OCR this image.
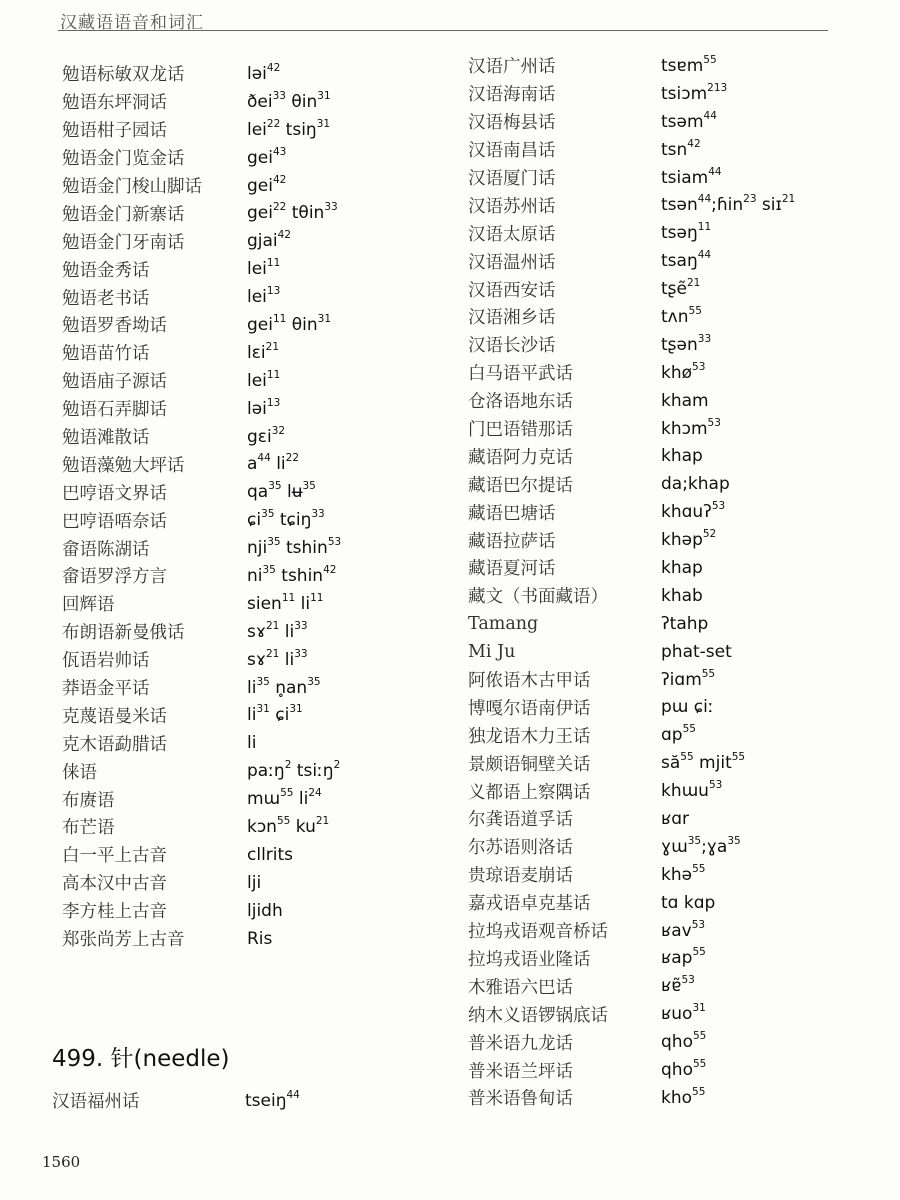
汉藏语语音和词汇
勉语标敏双龙话	ləi$^{42}$
勉语东坪洞话	ðei$^{33}$ θin$^{31}$
勉语柑子园话	lei$^{22}$ tsiŋ$^{31}$
勉语金门览金话	gei$^{43}$
勉语金门梭山脚话	gei$^{42}$
勉语金门新寨话	gei$^{22}$ tθin$^{33}$
勉语金门牙南话	gjai$^{42}$
勉语金秀话	lei$^{11}$
勉语老书话	lei$^{13}$
勉语罗香坳话	gei$^{11}$ θin$^{31}$
勉语苗竹话	lɛi$^{21}$
勉语庙子源话	lei$^{11}$
勉语石弄脚话	ləi$^{13}$
勉语滩散话	gɛi$^{32}$
勉语藻勉大坪话	$a^{44}$ $li^{22}$
巴哼语文界话	$qa^{35}$ lʉ$^{35}$
巴哼语唔奈话	ɕi$^{35}$ tɕiŋ$^{33}$
畲语陈湖话	nji$^{35}$ tshin$^{53}$
畲语罗浮方言	$ni^{35}$ tshin$^{42}$
回辉语	sien$^{11}$ $li^{11}$
布朗语新曼俄话	sɤ$^{21}$ $li^{33}$
佤语岩帅话	sɤ$^{21}$ $li^{33}$
莽语金平话	$li^{35}$ $n̥an^{35}$
克蔑语曼米话	$li^{31}$ ɕi$^{31}$
克木语勐腊话	li
俫语	paːŋ$^2$ tsiːŋ$^2$
布赓语	mɯ$^{55}$ $li^{24}$
布芒语	kɔn$^{55}$ $ku^{21}$
白一平上古音	cllrits
高本汉中古音	lji
李方桂上古音	ljidh
郑张尚芳上古音	Ris
汉语广州话	tsɐm$^{55}$
汉语海南话	tsiɔm$^{213}$
汉语梅县话	tsəm$^{44}$
汉语南昌话	tsn$^{42}$
汉语厦门话	tsiam$^{44}$
汉语苏州话	tsən$^{44}$;ɦin$^{23}$ siɪ$^{21}$
汉语太原话	tsəŋ$^{11}$
汉语温州话	tsaŋ$^{44}$
汉语西安话	tʂẽ$^{21}$
汉语湘乡话	tʌn$^{55}$
汉语长沙话	tʂən$^{33}$
白马语平武话	khø$^{53}$
仓洛语地东话	kham
门巴语错那话	khɔm$^{53}$
藏语阿力克话	khap
藏语巴尔提话	da;khap
藏语巴塘话	khɑuʔ$^{53}$
藏语拉萨话	khəp$^{52}$
藏语夏河话	khap
藏文（书面藏语）	khab
Tamang	ʔtahp
Mi Ju	phat-set
阿侬语木古甲话	ʔiɑm$^{55}$
博嘎尔语南伊话	pɯ ɕiː
独龙语木力王话	ɑp$^{55}$
景颇语铜壁关话	$să^{55}$ mjit$^{55}$
义都语上察隅话	khɯu$^{53}$
尔龚语道孚话	ʁɑr
尔苏语则洛话	ɣɯ$^{35}$;ɣa$^{35}$
贵琼语麦崩话	khə$^{55}$
嘉戎语卓克基话	tɑ kɑp
拉坞戎语观音桥话	ʁav$^{53}$
拉坞戎语业隆话	ʁap$^{55}$
木雅语六巴话	ʁɐ̃$^{53}$
纳木义语锣锅底话	ʁuo$^{31}$
普米语九龙话	qho$^{55}$
普米语兰坪话	qho$^{55}$
普米语鲁甸话	kho$^{55}$
499. 针(needle)
汉语福州话	tseiŋ$^{44}$
1560
